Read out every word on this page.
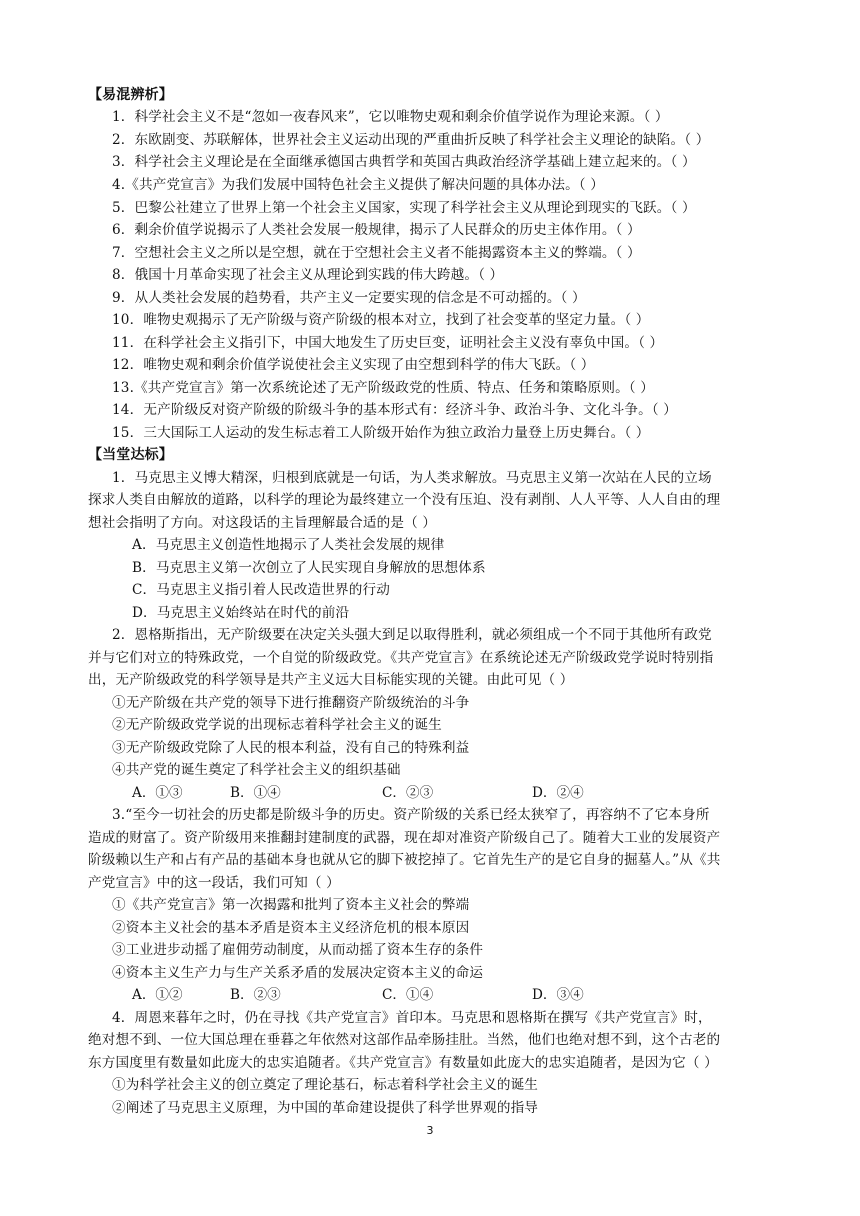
【易混辨析】
1．科学社会主义不是“忽如一夜春风来”，它以唯物史观和剩余价值学说作为理论来源。（ ）
2．东欧剧变、苏联解体，世界社会主义运动出现的严重曲折反映了科学社会主义理论的缺陷。（ ）
3．科学社会主义理论是在全面继承德国古典哲学和英国古典政治经济学基础上建立起来的。（ ）
4.《共产党宣言》为我们发展中国特色社会主义提供了解决问题的具体办法。（ ）
5．巴黎公社建立了世界上第一个社会主义国家，实现了科学社会主义从理论到现实的飞跃。（ ）
6．剩余价值学说揭示了人类社会发展一般规律，揭示了人民群众的历史主体作用。（ ）
7．空想社会主义之所以是空想，就在于空想社会主义者不能揭露资本主义的弊端。（ ）
8．俄国十月革命实现了社会主义从理论到实践的伟大跨越。（ ）
9．从人类社会发展的趋势看，共产主义一定要实现的信念是不可动摇的。（ ）
10．唯物史观揭示了无产阶级与资产阶级的根本对立，找到了社会变革的坚定力量。（ ）
11．在科学社会主义指引下，中国大地发生了历史巨变，证明社会主义没有辜负中国。（ ）
12．唯物史观和剩余价值学说使社会主义实现了由空想到科学的伟大飞跃。（ ）
13.《共产党宣言》第一次系统论述了无产阶级政党的性质、特点、任务和策略原则。（ ）
14．无产阶级反对资产阶级的阶级斗争的基本形式有：经济斗争、政治斗争、文化斗争。（ ）
15．三大国际工人运动的发生标志着工人阶级开始作为独立政治力量登上历史舞台。（ ）
【当堂达标】
1．马克思主义博大精深，归根到底就是一句话，为人类求解放。马克思主义第一次站在人民的立场
探求人类自由解放的道路，以科学的理论为最终建立一个没有压迫、没有剥削、人人平等、人人自由的理
想社会指明了方向。对这段话的主旨理解最合适的是（ ）
A．马克思主义创造性地揭示了人类社会发展的规律
B．马克思主义第一次创立了人民实现自身解放的思想体系
C．马克思主义指引着人民改造世界的行动
D．马克思主义始终站在时代的前沿
2．恩格斯指出，无产阶级要在决定关头强大到足以取得胜利，就必须组成一个不同于其他所有政党
并与它们对立的特殊政党，一个自觉的阶级政党。《共产党宣言》在系统论述无产阶级政党学说时特别指
出，无产阶级政党的科学领导是共产主义远大目标能实现的关键。由此可见（ ）
①无产阶级在共产党的领导下进行推翻资产阶级统治的斗争
②无产阶级政党学说的出现标志着科学社会主义的诞生
③无产阶级政党除了人民的根本利益，没有自己的特殊利益
④共产党的诞生奠定了科学社会主义的组织基础
A．①③	B．①④	C．②③	D．②④
3.“至今一切社会的历史都是阶级斗争的历史。资产阶级的关系已经太狭窄了，再容纳不了它本身所
造成的财富了。资产阶级用来推翻封建制度的武器，现在却对准资产阶级自己了。随着大工业的发展资产
阶级赖以生产和占有产品的基础本身也就从它的脚下被挖掉了。它首先生产的是它自身的掘墓人。”从《共
产党宣言》中的这一段话，我们可知（ ）
①《共产党宣言》第一次揭露和批判了资本主义社会的弊端
②资本主义社会的基本矛盾是资本主义经济危机的根本原因
③工业进步动摇了雇佣劳动制度，从而动摇了资本生存的条件
④资本主义生产力与生产关系矛盾的发展决定资本主义的命运
A．①②	B．②③	C．①④	D．③④
4．周恩来暮年之时，仍在寻找《共产党宣言》首印本。马克思和恩格斯在撰写《共产党宣言》时，
绝对想不到、一位大国总理在垂暮之年依然对这部作品牵肠挂肚。当然，他们也绝对想不到，这个古老的
东方国度里有数量如此庞大的忠实追随者。《共产党宣言》有数量如此庞大的忠实追随者，是因为它（ ）
①为科学社会主义的创立奠定了理论基石，标志着科学社会主义的诞生
②阐述了马克思主义原理，为中国的革命建设提供了科学世界观的指导
3
